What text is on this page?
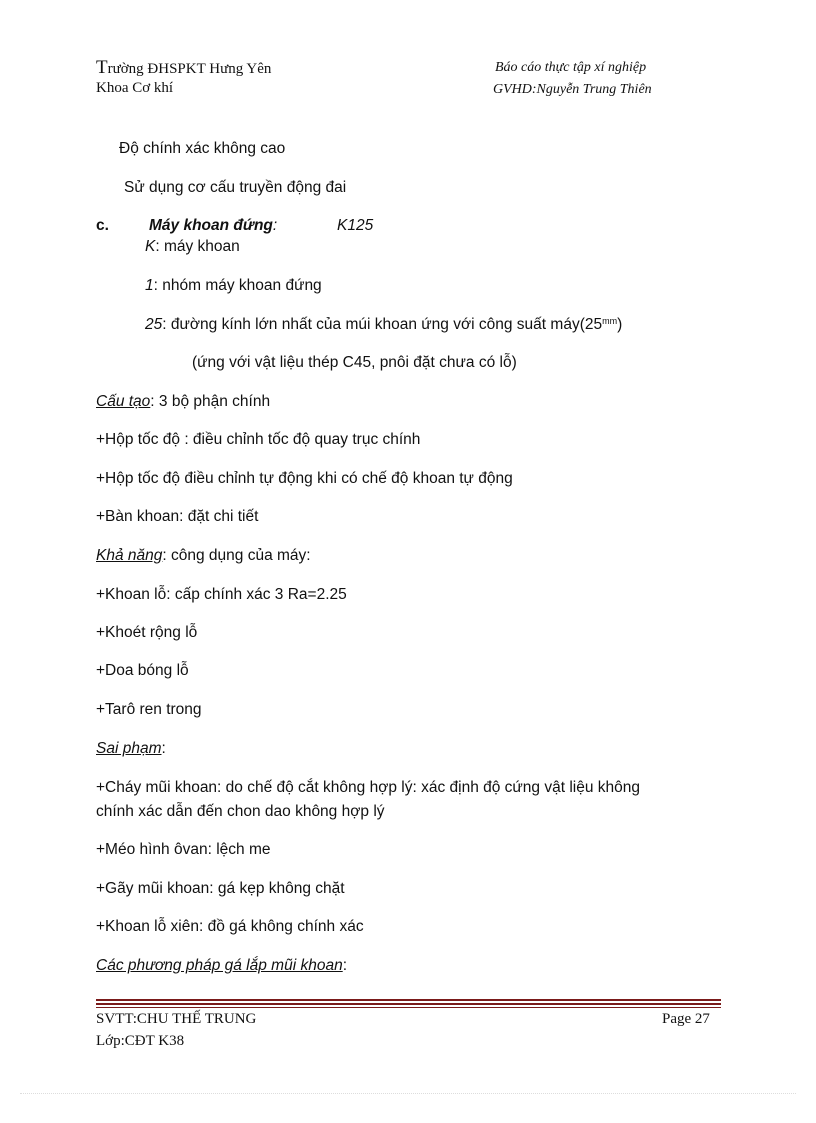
Trường ĐHSPKT Hưng Yên
Khoa Cơ khí
Báo cáo thực tập xí nghiệp
GVHD:Nguyễn Trung Thiên
Độ chính xác không cao
Sử dụng cơ cấu truyền động đai
c.	Máy khoan đứng:	K125
K: máy khoan
1: nhóm máy khoan đứng
25: đường kính lớn nhất của múi khoan ứng với công suất $máy(25^{mm})$
(ứng với vật liệu thép C45, pnôi đặt chưa có lỗ)
Cấu tạo: 3 bộ phận chính
+Hộp tốc độ : điều chỉnh tốc độ quay trục chính
+Hộp tốc độ điều chỉnh tự động khi có chế độ khoan tự động
+Bàn khoan: đặt chi tiết
Khả năng: công dụng của máy:
+Khoan lỗ: cấp chính xác 3 Ra=2.25
+Khoét rộng lỗ
+Doa bóng lỗ
+Tarô ren trong
Sai phạm:
+Cháy mũi khoan: do chế độ cắt không hợp lý: xác định độ cứng vật liệu không
chính xác dẫn đến chon dao không hợp lý
+Méo hình ôvan: lệch me
+Gãy mũi khoan: gá kẹp không chặt
+Khoan lỗ xiên: đồ gá không chính xác
Các phương pháp gá lắp mũi khoan:
SVTT:CHU THẾ TRUNG
Lớp:CĐT K38
Page 27
